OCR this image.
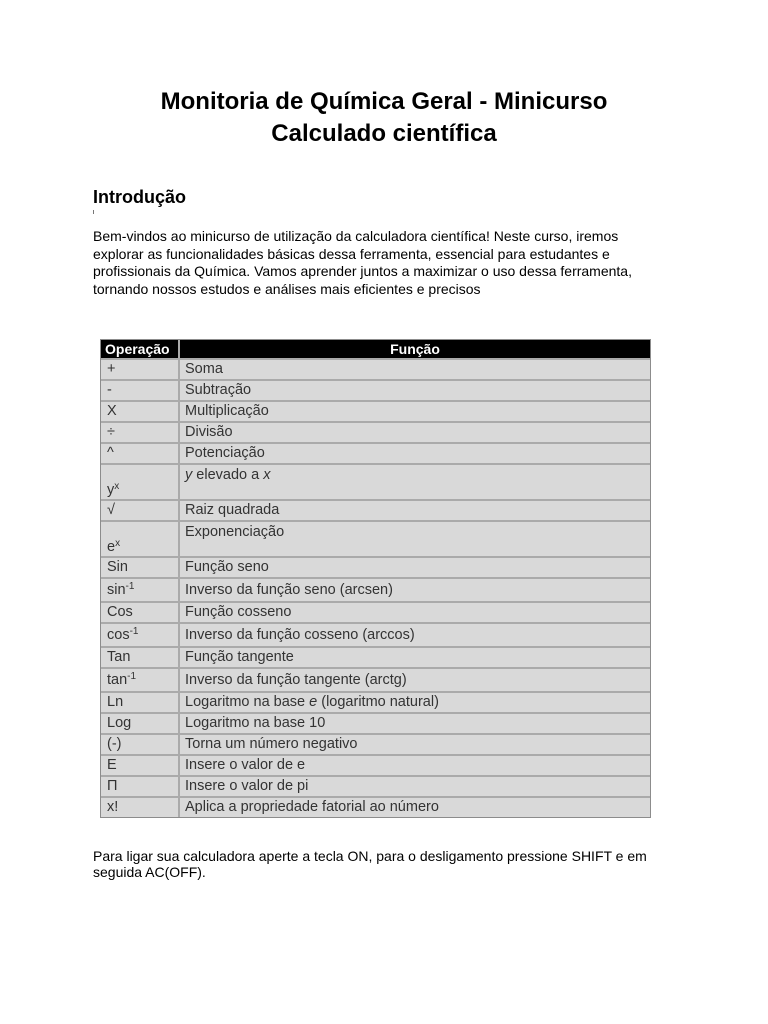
Monitoria de Química Geral - Minicurso
Calculado científica
Introdução
Bem-vindos ao minicurso de utilização da calculadora científica! Neste curso, iremos explorar as funcionalidades básicas dessa ferramenta, essencial para estudantes e profissionais da Química. Vamos aprender juntos a maximizar o uso dessa ferramenta, tornando nossos estudos e análises mais eficientes e precisos
Operação	Função
+	Soma
-	Subtração
X	Multiplicação
÷	Divisão
^	Potenciação
$y^x$	y elevado a x
√	Raiz quadrada
$e^x$	Exponenciação
Sin	Função seno
$\sin^{-1}$	Inverso da função seno (arcsen)
Cos	Função cosseno
$\cos^{-1}$	Inverso da função cosseno (arccos)
Tan	Função tangente
$\tan^{-1}$	Inverso da função tangente (arctg)
Ln	Logaritmo na base e (logaritmo natural)
Log	Logaritmo na base 10
(-)	Torna um número negativo
E	Insere o valor de e
Π	Insere o valor de pi
x!	Aplica a propriedade fatorial ao número
Para ligar sua calculadora aperte a tecla ON, para o desligamento pressione SHIFT e em seguida AC(OFF).
